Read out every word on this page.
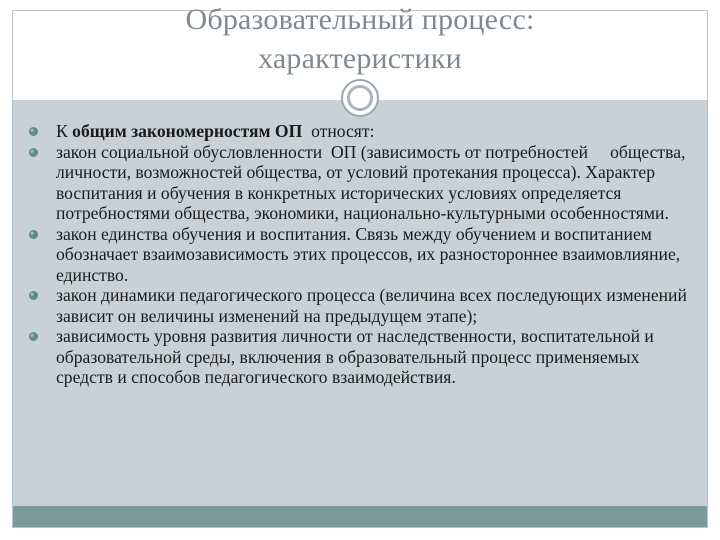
Образовательный процесс:
характеристики
К общим закономерностям ОП  относят:
закон социальной обусловленности  ОП (зависимость от потребностей     общества, личности, возможностей общества, от условий протекания процесса). Характер воспитания и обучения в конкретных исторических условиях определяется потребностями общества, экономики, национально-культурными особенностями.
закон единства обучения и воспитания. Связь между обучением и воспитанием обозначает взаимозависимость этих процессов, их разностороннее взаимовлияние, единство.
закон динамики педагогического процесса (величина всех последующих изменений зависит он величины изменений на предыдущем этапе);
зависимость уровня развития личности от наследственности, воспитательной и образовательной среды, включения в образовательный процесс применяемых средств и способов педагогического взаимодействия.
